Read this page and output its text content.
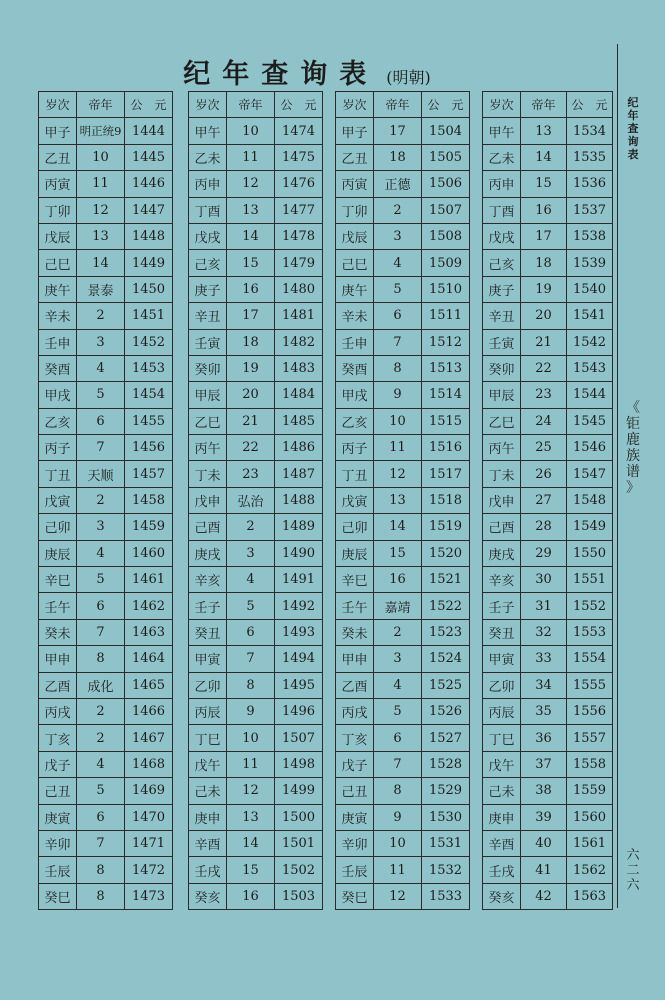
纪年查询表 (明朝)
岁次	帝年	公　元
甲子	明正统9	1444
乙丑	10	1445
丙寅	11	1446
丁卯	12	1447
戊辰	13	1448
己巳	14	1449
庚午	景泰	1450
辛未	2	1451
壬申	3	1452
癸酉	4	1453
甲戌	5	1454
乙亥	6	1455
丙子	7	1456
丁丑	天顺	1457
戊寅	2	1458
己卯	3	1459
庚辰	4	1460
辛巳	5	1461
壬午	6	1462
癸未	7	1463
甲申	8	1464
乙酉	成化	1465
丙戌	2	1466
丁亥	2	1467
戊子	4	1468
己丑	5	1469
庚寅	6	1470
辛卯	7	1471
壬辰	8	1472
癸巳	8	1473
岁次	帝年	公　元
甲午	10	1474
乙未	11	1475
丙申	12	1476
丁酉	13	1477
戊戌	14	1478
己亥	15	1479
庚子	16	1480
辛丑	17	1481
壬寅	18	1482
癸卯	19	1483
甲辰	20	1484
乙巳	21	1485
丙午	22	1486
丁未	23	1487
戊申	弘治	1488
己酉	2	1489
庚戌	3	1490
辛亥	4	1491
壬子	5	1492
癸丑	6	1493
甲寅	7	1494
乙卯	8	1495
丙辰	9	1496
丁巳	10	1507
戊午	11	1498
己未	12	1499
庚申	13	1500
辛酉	14	1501
壬戌	15	1502
癸亥	16	1503
岁次	帝年	公　元
甲子	17	1504
乙丑	18	1505
丙寅	正德	1506
丁卯	2	1507
戊辰	3	1508
己巳	4	1509
庚午	5	1510
辛未	6	1511
壬申	7	1512
癸酉	8	1513
甲戌	9	1514
乙亥	10	1515
丙子	11	1516
丁丑	12	1517
戊寅	13	1518
己卯	14	1519
庚辰	15	1520
辛巳	16	1521
壬午	嘉靖	1522
癸未	2	1523
甲申	3	1524
乙酉	4	1525
丙戌	5	1526
丁亥	6	1527
戊子	7	1528
己丑	8	1529
庚寅	9	1530
辛卯	10	1531
壬辰	11	1532
癸巳	12	1533
岁次	帝年	公　元
甲午	13	1534
乙未	14	1535
丙申	15	1536
丁酉	16	1537
戊戌	17	1538
己亥	18	1539
庚子	19	1540
辛丑	20	1541
壬寅	21	1542
癸卯	22	1543
甲辰	23	1544
乙巳	24	1545
丙午	25	1546
丁未	26	1547
戊申	27	1548
己酉	28	1549
庚戌	29	1550
辛亥	30	1551
壬子	31	1552
癸丑	32	1553
甲寅	33	1554
乙卯	34	1555
丙辰	35	1556
丁巳	36	1557
戊午	37	1558
己未	38	1559
庚申	39	1560
辛酉	40	1561
壬戌	41	1562
癸亥	42	1563
纪
年
查
询
表
《
钜
鹿
族
谱
》
六
二
六
